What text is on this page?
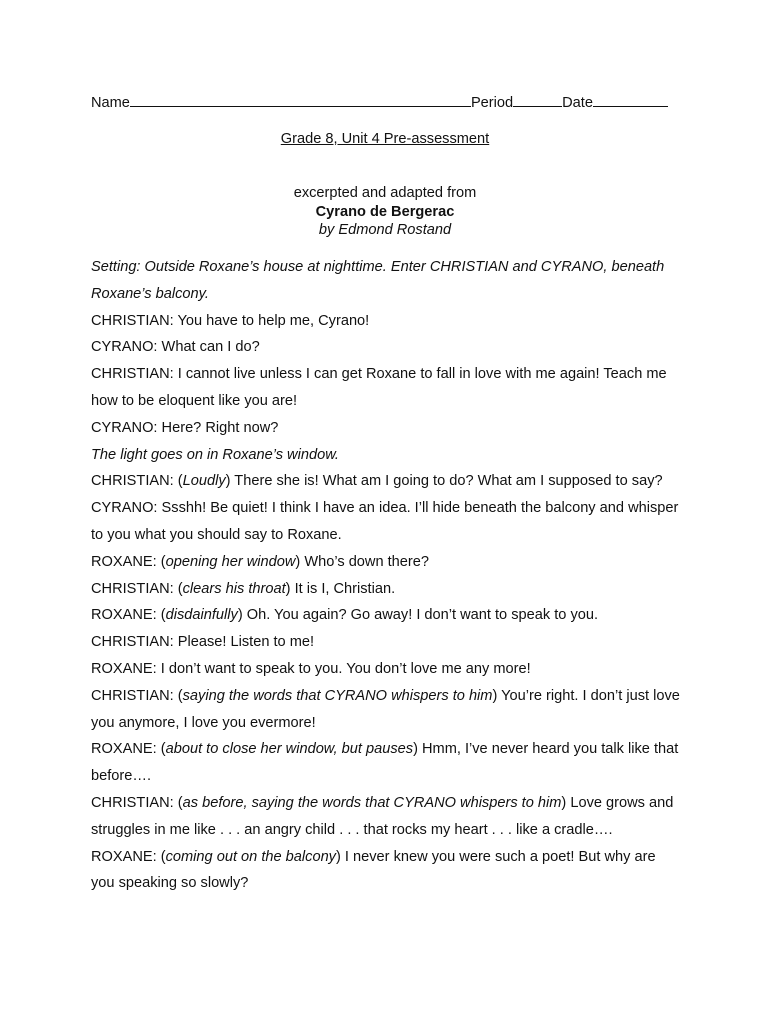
Name	Period	Date
Grade 8, Unit 4 Pre-assessment
excerpted and adapted from
Cyrano de Bergerac
by Edmond Rostand

Setting: Outside Roxane’s house at nighttime. Enter CHRISTIAN and CYRANO, beneath Roxane’s balcony.

CHRISTIAN: You have to help me, Cyrano!

CYRANO: What can I do?

CHRISTIAN: I cannot live unless I can get Roxane to fall in love with me again! Teach me how to be eloquent like you are!

CYRANO: Here? Right now?

The light goes on in Roxane’s window.

CHRISTIAN: (Loudly) There she is! What am I going to do? What am I supposed to say?

CYRANO: Ssshh! Be quiet! I think I have an idea. I’ll hide beneath the balcony and whisper to you what you should say to Roxane.

ROXANE: (opening her window) Who’s down there?

CHRISTIAN: (clears his throat) It is I, Christian.

ROXANE: (disdainfully) Oh. You again? Go away! I don’t want to speak to you.

CHRISTIAN: Please! Listen to me!

ROXANE: I don’t want to speak to you. You don’t love me any more!

CHRISTIAN: (saying the words that CYRANO whispers to him) You’re right. I don’t just love you anymore, I love you evermore!

ROXANE: (about to close her window, but pauses) Hmm, I’ve never heard you talk like that before….

CHRISTIAN: (as before, saying the words that CYRANO whispers to him) Love grows and struggles in me like . . . an angry child . . . that rocks my heart . . . like a cradle….

ROXANE: (coming out on the balcony) I never knew you were such a poet! But why are you speaking so slowly?
